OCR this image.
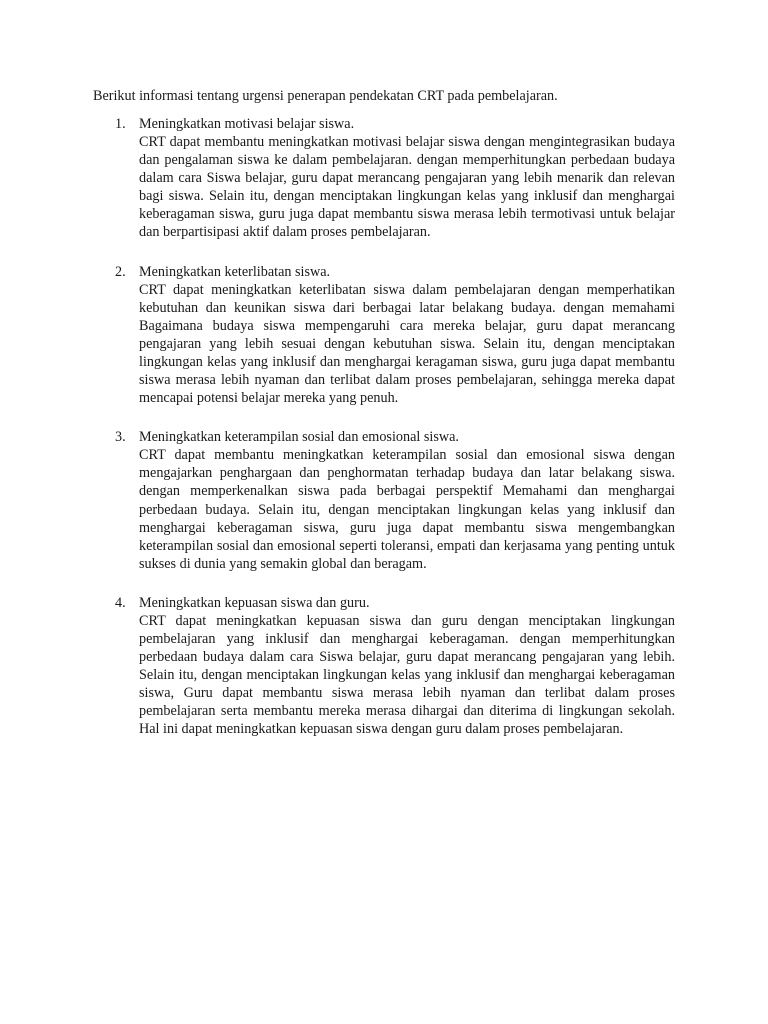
Berikut informasi tentang urgensi penerapan pendekatan CRT pada pembelajaran.

1. Meningkatkan motivasi belajar siswa.

CRT dapat membantu meningkatkan motivasi belajar siswa dengan mengintegrasikan budaya dan pengalaman siswa ke dalam pembelajaran. dengan memperhitungkan perbedaan budaya dalam cara Siswa belajar, guru dapat merancang pengajaran yang lebih menarik dan relevan bagi siswa. Selain itu, dengan menciptakan lingkungan kelas yang inklusif dan menghargai keberagaman siswa, guru juga dapat membantu siswa merasa lebih termotivasi untuk belajar dan berpartisipasi aktif dalam proses pembelajaran.

2. Meningkatkan keterlibatan siswa.

CRT dapat meningkatkan keterlibatan siswa dalam pembelajaran dengan memperhatikan kebutuhan dan keunikan siswa dari berbagai latar belakang budaya. dengan memahami Bagaimana budaya siswa mempengaruhi cara mereka belajar, guru dapat merancang pengajaran yang lebih sesuai dengan kebutuhan siswa. Selain itu, dengan menciptakan lingkungan kelas yang inklusif dan menghargai keragaman siswa, guru juga dapat membantu siswa merasa lebih nyaman dan terlibat dalam proses pembelajaran, sehingga mereka dapat mencapai potensi belajar mereka yang penuh.

3. Meningkatkan keterampilan sosial dan emosional siswa.

CRT dapat membantu meningkatkan keterampilan sosial dan emosional siswa dengan mengajarkan penghargaan dan penghormatan terhadap budaya dan latar belakang siswa. dengan memperkenalkan siswa pada berbagai perspektif Memahami dan menghargai perbedaan budaya. Selain itu, dengan menciptakan lingkungan kelas yang inklusif dan menghargai keberagaman siswa, guru juga dapat membantu siswa mengembangkan keterampilan sosial dan emosional seperti toleransi, empati dan kerjasama yang penting untuk sukses di dunia yang semakin global dan beragam.

4. Meningkatkan kepuasan siswa dan guru.

CRT dapat meningkatkan kepuasan siswa dan guru dengan menciptakan lingkungan pembelajaran yang inklusif dan menghargai keberagaman. dengan memperhitungkan perbedaan budaya dalam cara Siswa belajar, guru dapat merancang pengajaran yang lebih. Selain itu, dengan menciptakan lingkungan kelas yang inklusif dan menghargai keberagaman siswa, Guru dapat membantu siswa merasa lebih nyaman dan terlibat dalam proses pembelajaran serta membantu mereka merasa dihargai dan diterima di lingkungan sekolah. Hal ini dapat meningkatkan kepuasan siswa dengan guru dalam proses pembelajaran.
